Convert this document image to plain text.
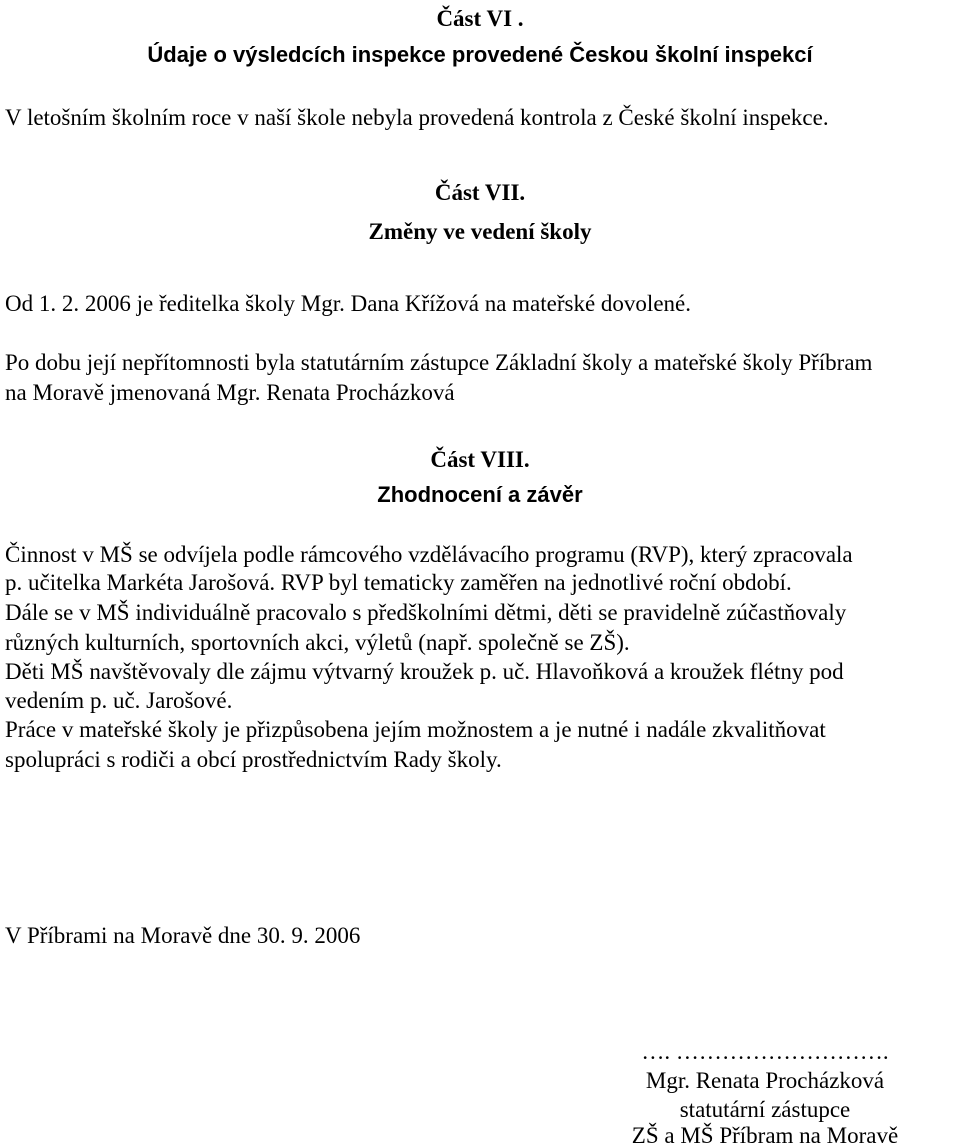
Část VI .

Údaje o výsledcích inspekce provedené Českou školní inspekcí

V letošním školním roce v naší škole nebyla provedená kontrola z České školní inspekce.

Část VII.

Změny ve vedení školy

Od 1. 2. 2006 je ředitelka školy Mgr. Dana Křížová na mateřské dovolené.

Po dobu její nepřítomnosti byla statutárním zástupce Základní školy a mateřské školy Příbram

na Moravě jmenovaná Mgr. Renata Procházková

Část VIII.

Zhodnocení a závěr

Činnost v MŠ se odvíjela podle rámcového vzdělávacího programu (RVP), který zpracovala

p. učitelka Markéta Jarošová. RVP byl tematicky zaměřen na jednotlivé roční období.

Dále se v MŠ individuálně pracovalo s předškolními dětmi, děti se pravidelně zúčastňovaly

různých kulturních, sportovních akci, výletů (např. společně se ZŠ).

Děti MŠ navštěvovaly dle zájmu výtvarný kroužek p. uč. Hlavoňková a kroužek flétny pod

vedením p. uč. Jarošové.

Práce v mateřské školy je přizpůsobena jejím možnostem a je nutné i nadále zkvalitňovat

spolupráci s rodiči a obcí prostřednictvím Rady školy.

V Příbrami na Moravě dne 30. 9. 2006

…. ……………………….

Mgr. Renata Procházková

statutární zástupce

ZŠ a MŠ Příbram na Moravě
